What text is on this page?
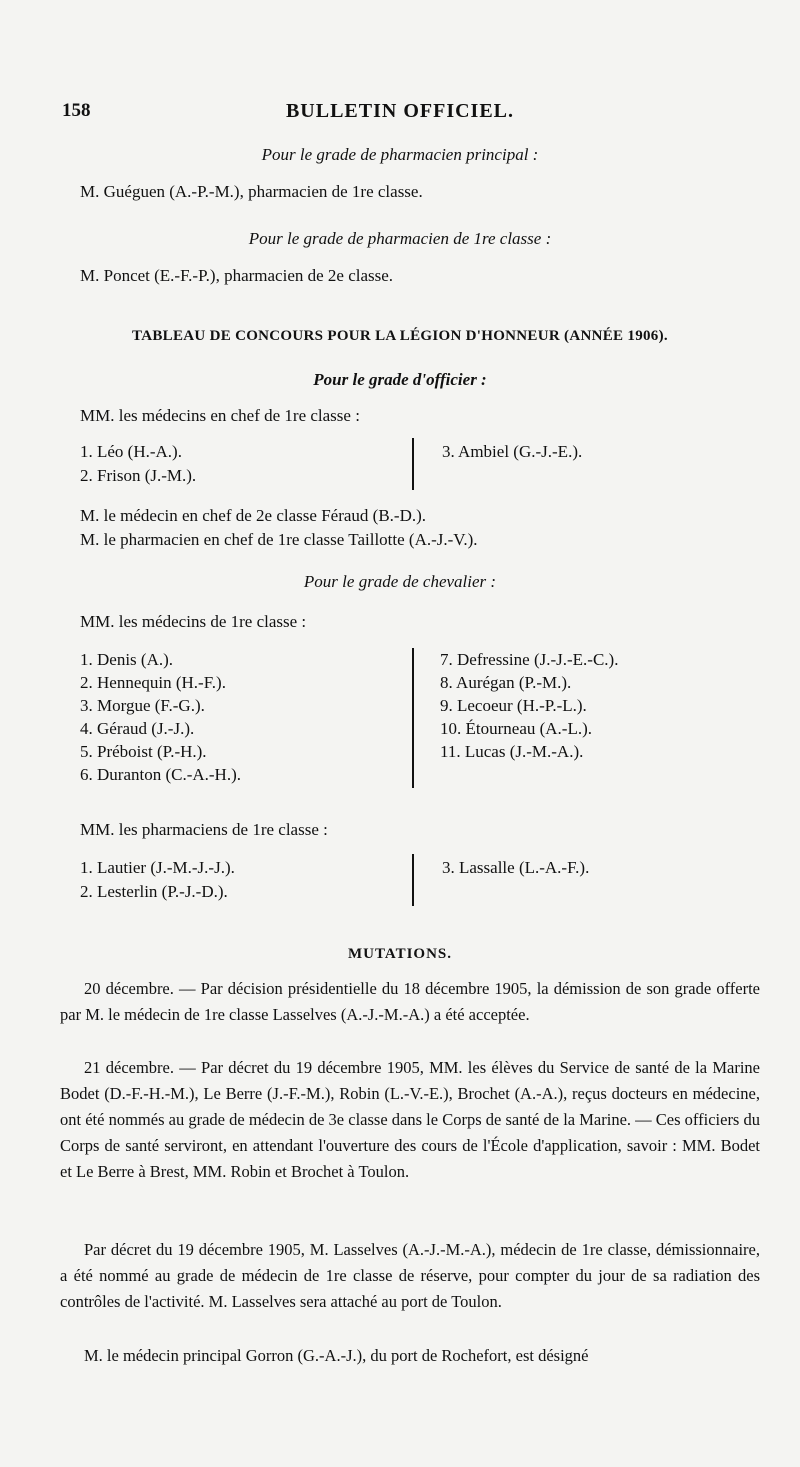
158	BULLETIN OFFICIEL.
Pour le grade de pharmacien principal :
M. Guéguen (A.-P.-M.), pharmacien de 1re classe.
Pour le grade de pharmacien de 1re classe :
M. Poncet (E.-F.-P.), pharmacien de 2e classe.
TABLEAU DE CONCOURS POUR LA LÉGION D'HONNEUR (ANNÉE 1906).
Pour le grade d'officier :
MM. les médecins en chef de 1re classe :
1. Léo (H.-A.).
2. Frison (J.-M.).
3. Ambiel (G.-J.-E.).
M. le médecin en chef de 2e classe Féraud (B.-D.).
M. le pharmacien en chef de 1re classe Taillotte (A.-J.-V.).
Pour le grade de chevalier :
MM. les médecins de 1re classe :
1. Denis (A.).
2. Hennequin (H.-F.).
3. Morgue (F.-G.).
4. Géraud (J.-J.).
5. Préboist (P.-H.).
6. Duranton (C.-A.-H.).
7. Defressine (J.-J.-E.-C.).
8. Aurégan (P.-M.).
9. Lecoeur (H.-P.-L.).
10. Étourneau (A.-L.).
11. Lucas (J.-M.-A.).
MM. les pharmaciens de 1re classe :
1. Lautier (J.-M.-J.-J.).
2. Lesterlin (P.-J.-D.).
3. Lassalle (L.-A.-F.).
MUTATIONS.

20 décembre. — Par décision présidentielle du 18 décembre 1905, la démission de son grade offerte par M. le médecin de 1re classe Lasselves (A.-J.-M.-A.) a été acceptée.

21 décembre. — Par décret du 19 décembre 1905, MM. les élèves du Service de santé de la Marine Bodet (D.-F.-H.-M.), Le Berre (J.-F.-M.), Robin (L.-V.-E.), Brochet (A.-A.), reçus docteurs en médecine, ont été nommés au grade de médecin de 3e classe dans le Corps de santé de la Marine. — Ces officiers du Corps de santé serviront, en attendant l'ouverture des cours de l'École d'application, savoir : MM. Bodet et Le Berre à Brest, MM. Robin et Brochet à Toulon.

Par décret du 19 décembre 1905, M. Lasselves (A.-J.-M.-A.), médecin de 1re classe, démissionnaire, a été nommé au grade de médecin de 1re classe de réserve, pour compter du jour de sa radiation des contrôles de l'activité. M. Lasselves sera attaché au port de Toulon.

M. le médecin principal Gorron (G.-A.-J.), du port de Rochefort, est désigné
